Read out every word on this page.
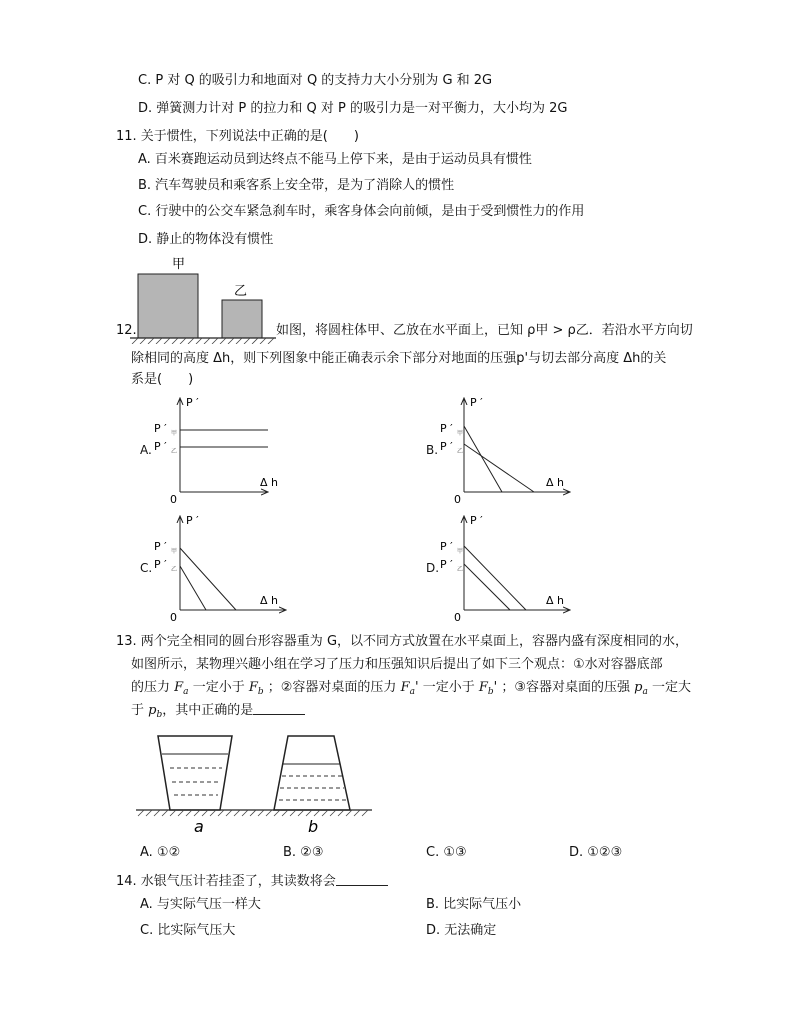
C. P 对 Q 的吸引力和地面对 Q 的支持力大小分别为 G 和 2G
D. 弹簧测力计对 P 的拉力和 Q 对 P 的吸引力是一对平衡力，大小均为 2G
11. 关于惯性，下列说法中正确的是(　　)
A. 百米赛跑运动员到达终点不能马上停下来，是由于运动员具有惯性
B. 汽车驾驶员和乘客系上安全带，是为了消除人的惯性
C. 行驶中的公交车紧急刹车时，乘客身体会向前倾，是由于受到惯性力的作用
D. 静止的物体没有惯性
12.
甲
乙
如图，将圆柱体甲、乙放在水平面上，已知 ρ甲 > ρ乙．若沿水平方向切
除相同的高度 Δh，则下列图象中能正确表示余下部分对地面的压强p'与切去部分高度 Δh的关
系是(　　)
A.
P ′
Δ h
0
P ′ 甲
P ′ 乙	B.
P ′
Δ h
0
P ′ 甲
P ′ 乙
C.
P ′
Δ h
0
P ′ 甲
P ′ 乙	D.
P ′
Δ h
0
P ′ 甲
P ′ 乙
13. 两个完全相同的圆台形容器重为 G，以不同方式放置在水平桌面上，容器内盛有深度相同的水，
如图所示，某物理兴趣小组在学习了压力和压强知识后提出了如下三个观点：①水对容器底部
的压力 $F_a$ 一定小于 $F_b$ ；②容器对桌面的压力 $F_a'$ 一定小于 $F_b'$ ；③容器对桌面的压强 $p_a$ 一定大
于 $p_b$，其中正确的是
a	b
A. ①②	B. ②③	C. ①③	D. ①②③
14. 水银气压计若挂歪了，其读数将会
A. 与实际气压一样大	B. 比实际气压小
C. 比实际气压大	D. 无法确定
